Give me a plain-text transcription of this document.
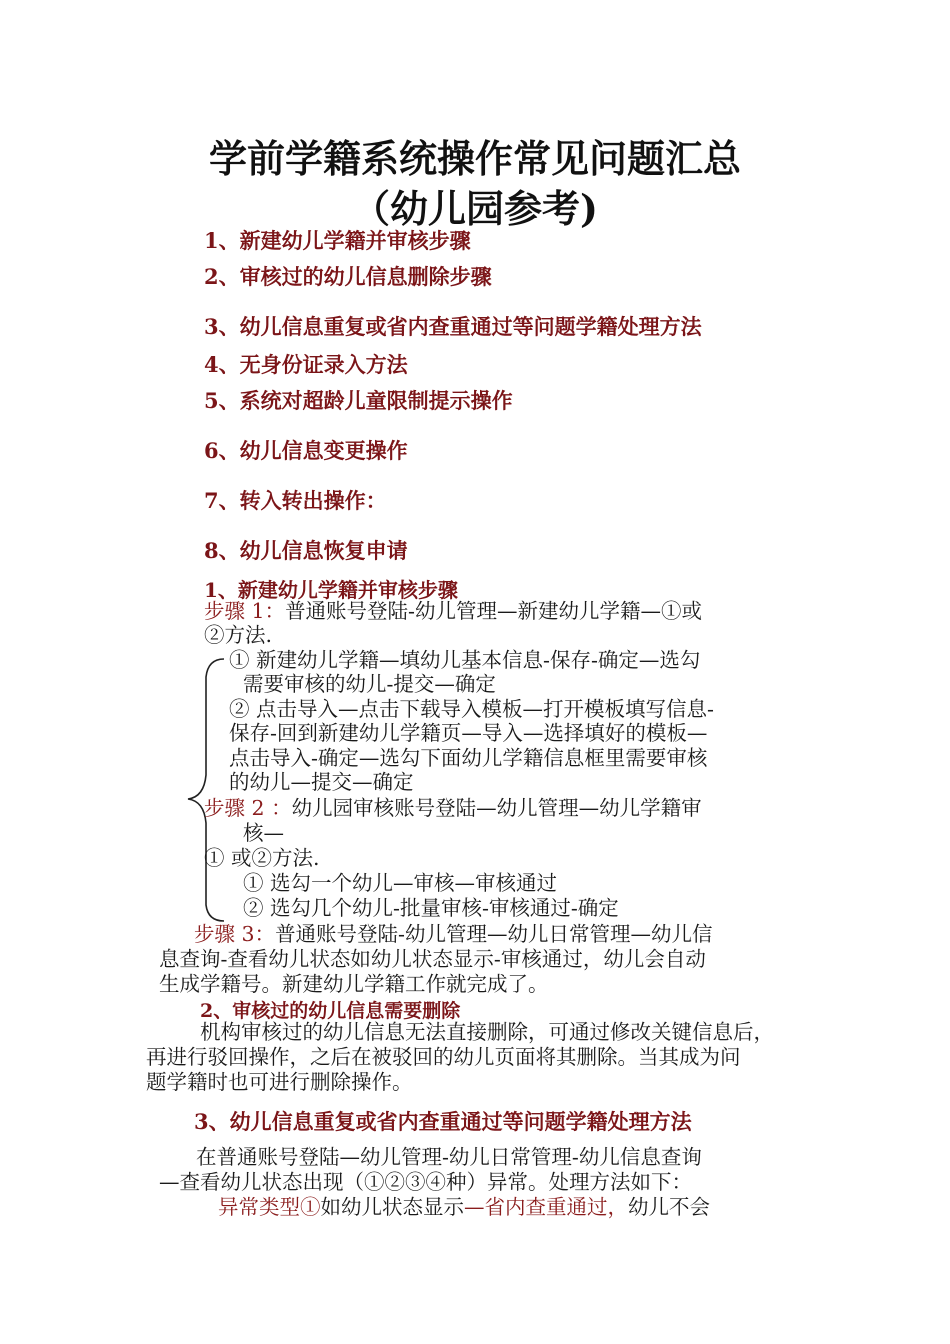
学前学籍系统操作常见问题汇总
（幼儿园参考)
1、新建幼儿学籍并审核步骤
2、审核过的幼儿信息删除步骤
3、幼儿信息重复或省内查重通过等问题学籍处理方法
4、无身份证录入方法
5、系统对超龄儿童限制提示操作
6、幼儿信息变更操作
7、转入转出操作：
8、幼儿信息恢复申请
1、新建幼儿学籍并审核步骤
步骤 1：普通账号登陆-幼儿管理—新建幼儿学籍—①或
②方法.
① 新建幼儿学籍—填幼儿基本信息-保存-确定—选勾
需要审核的幼儿-提交—确定
② 点击导入—点击下载导入模板—打开模板填写信息-
保存-回到新建幼儿学籍页—导入—选择填好的模板—
点击导入-确定—选勾下面幼儿学籍信息框里需要审核
的幼儿—提交—确定
步骤 2 ：幼儿园审核账号登陆—幼儿管理—幼儿学籍审
核—
① 或②方法.
① 选勾一个幼儿—审核—审核通过
② 选勾几个幼儿-批量审核-审核通过-确定
步骤 3：普通账号登陆-幼儿管理—幼儿日常管理—幼儿信
息查询-查看幼儿状态如幼儿状态显示-审核通过，幼儿会自动
生成学籍号。新建幼儿学籍工作就完成了。
2、审核过的幼儿信息需要删除
机构审核过的幼儿信息无法直接删除，可通过修改关键信息后，
再进行驳回操作，之后在被驳回的幼儿页面将其删除。当其成为问
题学籍时也可进行删除操作。
3、幼儿信息重复或省内查重通过等问题学籍处理方法
在普通账号登陆—幼儿管理-幼儿日常管理-幼儿信息查询
—查看幼儿状态出现（①②③④种）异常。处理方法如下：
异常类型①如幼儿状态显示—省内查重通过，幼儿不会
